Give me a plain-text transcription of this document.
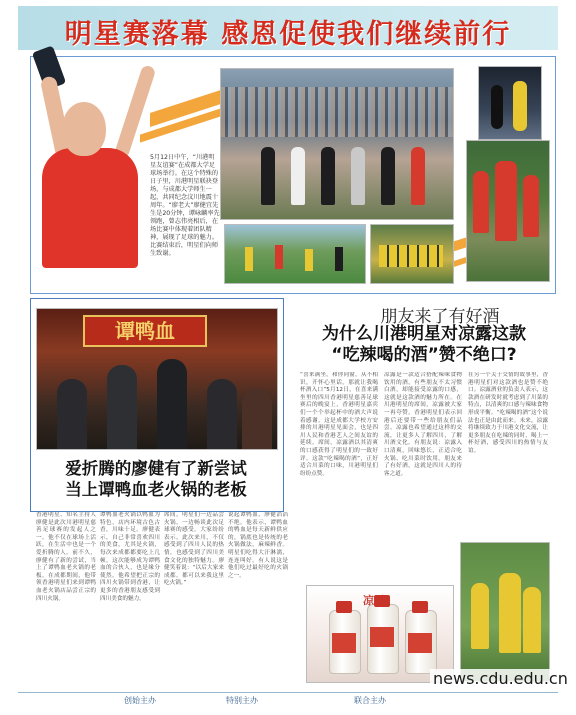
明星赛落幕 感恩促使我们继续前行
5月12日中午，“川港明星友谊赛”在成都大学足球场举行。在这个特殊的日子里，川港明星联袂登场，与成都大学师生一起，共同纪念汶川地震十周年。“廖老大”廖健宜先生是20分钟，谭咏麟率先领跑，曾志伟亮相后，在场比赛中体现着团队精神，展现了足球的魅力。比赛结束后，明星们向师生致谢。
朋友来了有好酒
为什么川港明星对凉露这款
“吃辣喝的酒”赞不绝口?
“喜来满坐，和你同窗，从不相识，开怀心里话。那就让我喝杯酒入口”5月12日，在喜来满坐里的四川香港明星慈善足球赛后的晚宴上，香港明星嘉宾们一个个举起杯中的酒大声说着感谢。这是成都大学校方安排的川港明星见面会，也是四川人民和香港艺人之间友谊的延续。席间，凉露酒以其清爽的口感获得了明星们的一致好评。这款“吃辣喝的酒”，正好适合川菜的口味，川港明星们纷纷点赞。
凉露是一款适合搭配辣味食物饮用的酒，有些朋友不太习惯白酒，却能接受凉露的口感，这就是这款酒的魅力所在。在川港明星的席间，凉露被大家一再夸赞，香港明星们表示回港后还要带一些给朋友们品尝。凉露也希望通过这样的交流，让更多人了解四川，了解川酒文化。有朋友说：凉露入口清爽，回味悠长，正适合吃火锅、吃川菜时饮用。朋友来了有好酒，这就是四川人的待客之道。
在另一个关于交情的故事里，香港明星们对这款酒也是赞不绝口。凉露酒业的负责人表示，这款酒在研发时就考虑到了川菜的特点，以清爽的口感与辣味食物形成平衡。“吃辣喝的酒”这个说法也正是由此而来。未来，凉露将继续致力于川港文化交流，让更多朋友在吃辣的同时，喝上一杯好酒，感受四川的热情与友谊。
谭鸭血
爱折腾的廖健有了新尝试
当上谭鸭血老火锅的老板
香港明星、知名主持人廖健是此次川港明星慈善足球赛的发起人之一。他不仅在球场上活跃，在生活中也是一个爱折腾的人。前不久，廖健有了新的尝试，当上了谭鸭血老火锅的老板。在成都期间，他带领香港明星们来到谭鸭血老火锅店品尝正宗的四川火锅。
谭鸭血老火锅以鸭血为特色，店内环境古色古香，川味十足。廖健表示，自己非常喜欢四川的美食，尤其是火锅，每次来成都都要吃上几顿。这次能够成为谭鸭血的合伙人，也是缘分使然。他希望把正宗的四川火锅带到香港，让更多的香港朋友感受到四川美食的魅力。
席间，明星们一边品尝火锅，一边畅谈此次足球赛的感受。大家纷纷表示，此次来川，不仅感受到了四川人民的热情，也感受到了四川美食文化的独特魅力。廖健笑着说：“以后大家来成都，都可以来我这里吃火锅。”
说起谭鸭血，廖健滔滔不绝。他表示，谭鸭血的鸭血是每天新鲜供应的，锅底也是传统的老火锅做法，麻辣鲜香。明星们吃得大汗淋漓，连连叫好。有人说这是他们吃过最好吃的火锅之一。
凉露
创始主办	特别主办	联合主办
news.cdu.edu.cn
